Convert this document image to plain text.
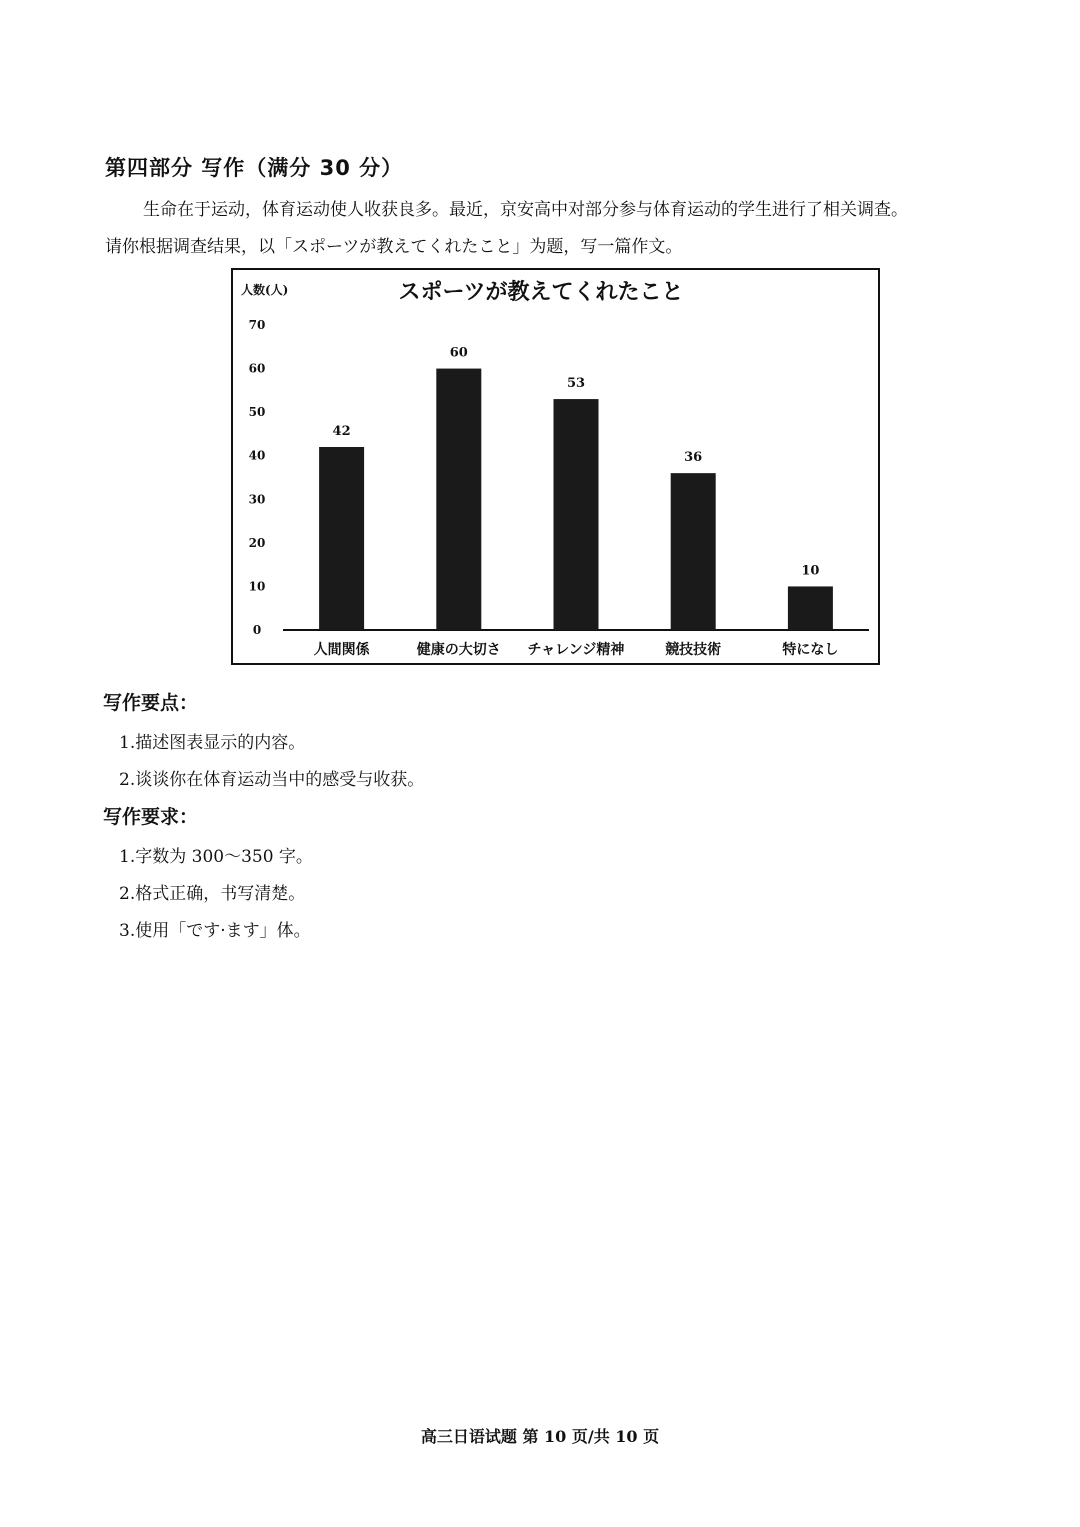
第四部分 写作（满分 30 分）
生命在于运动，体育运动使人收获良多。最近，京安高中对部分参与体育运动的学生进行了相关调查。
请你根据调查结果，以「スポーツが教えてくれたこと」为题，写一篇作文。
スポーツが教えてくれたこと
人数(人)
0
10
20
30
40
50
60
70
42
人間関係
60
健康の大切さ
53
チャレンジ精神
36
競技技術
10
特になし
写作要点：
1.描述图表显示的内容。
2.谈谈你在体育运动当中的感受与收获。
写作要求：
1.字数为 300～350 字。
2.格式正确，书写清楚。
3.使用「です·ます」体。
高三日语试题 第 10 页/共 10 页
